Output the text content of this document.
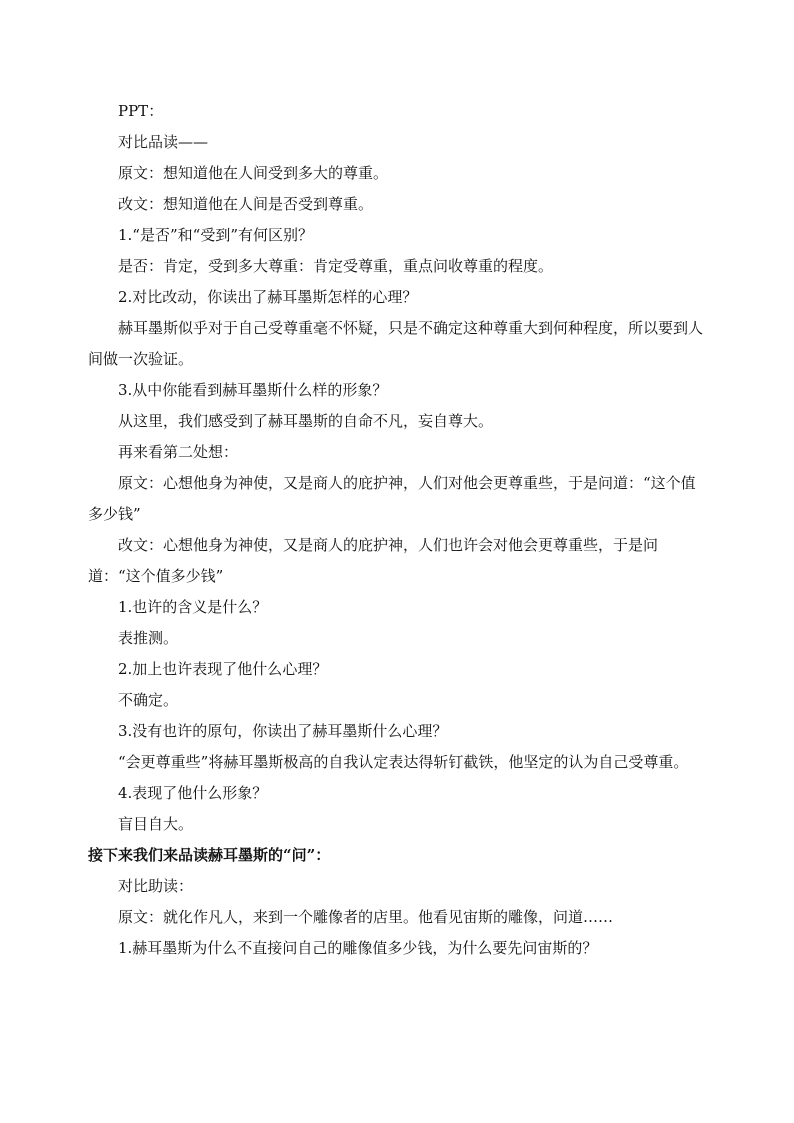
PPT：

对比品读——

原文：想知道他在人间受到多大的尊重。

改文：想知道他在人间是否受到尊重。

1.“是否”和“受到”有何区别？

是否：肯定，受到多大尊重：肯定受尊重，重点问收尊重的程度。

2.对比改动，你读出了赫耳墨斯怎样的心理？

赫耳墨斯似乎对于自己受尊重毫不怀疑，只是不确定这种尊重大到何种程度，所以要到人间做一次验证。

3.从中你能看到赫耳墨斯什么样的形象？

从这里，我们感受到了赫耳墨斯的自命不凡，妄自尊大。

再来看第二处想：

原文：心想他身为神使，又是商人的庇护神，人们对他会更尊重些，于是问道：“这个值多少钱”

改文：心想他身为神使，又是商人的庇护神，人们也许会对他会更尊重些，于是问道：“这个值多少钱”

1.也许的含义是什么？

表推测。

2.加上也许表现了他什么心理？

不确定。

3.没有也许的原句，你读出了赫耳墨斯什么心理？

“会更尊重些”将赫耳墨斯极高的自我认定表达得斩钉截铁，他坚定的认为自己受尊重。

4.表现了他什么形象？

盲目自大。

接下来我们来品读赫耳墨斯的“问”：

对比助读：

原文：就化作凡人，来到一个雕像者的店里。他看见宙斯的雕像，问道……

1.赫耳墨斯为什么不直接问自己的雕像值多少钱，为什么要先问宙斯的？
